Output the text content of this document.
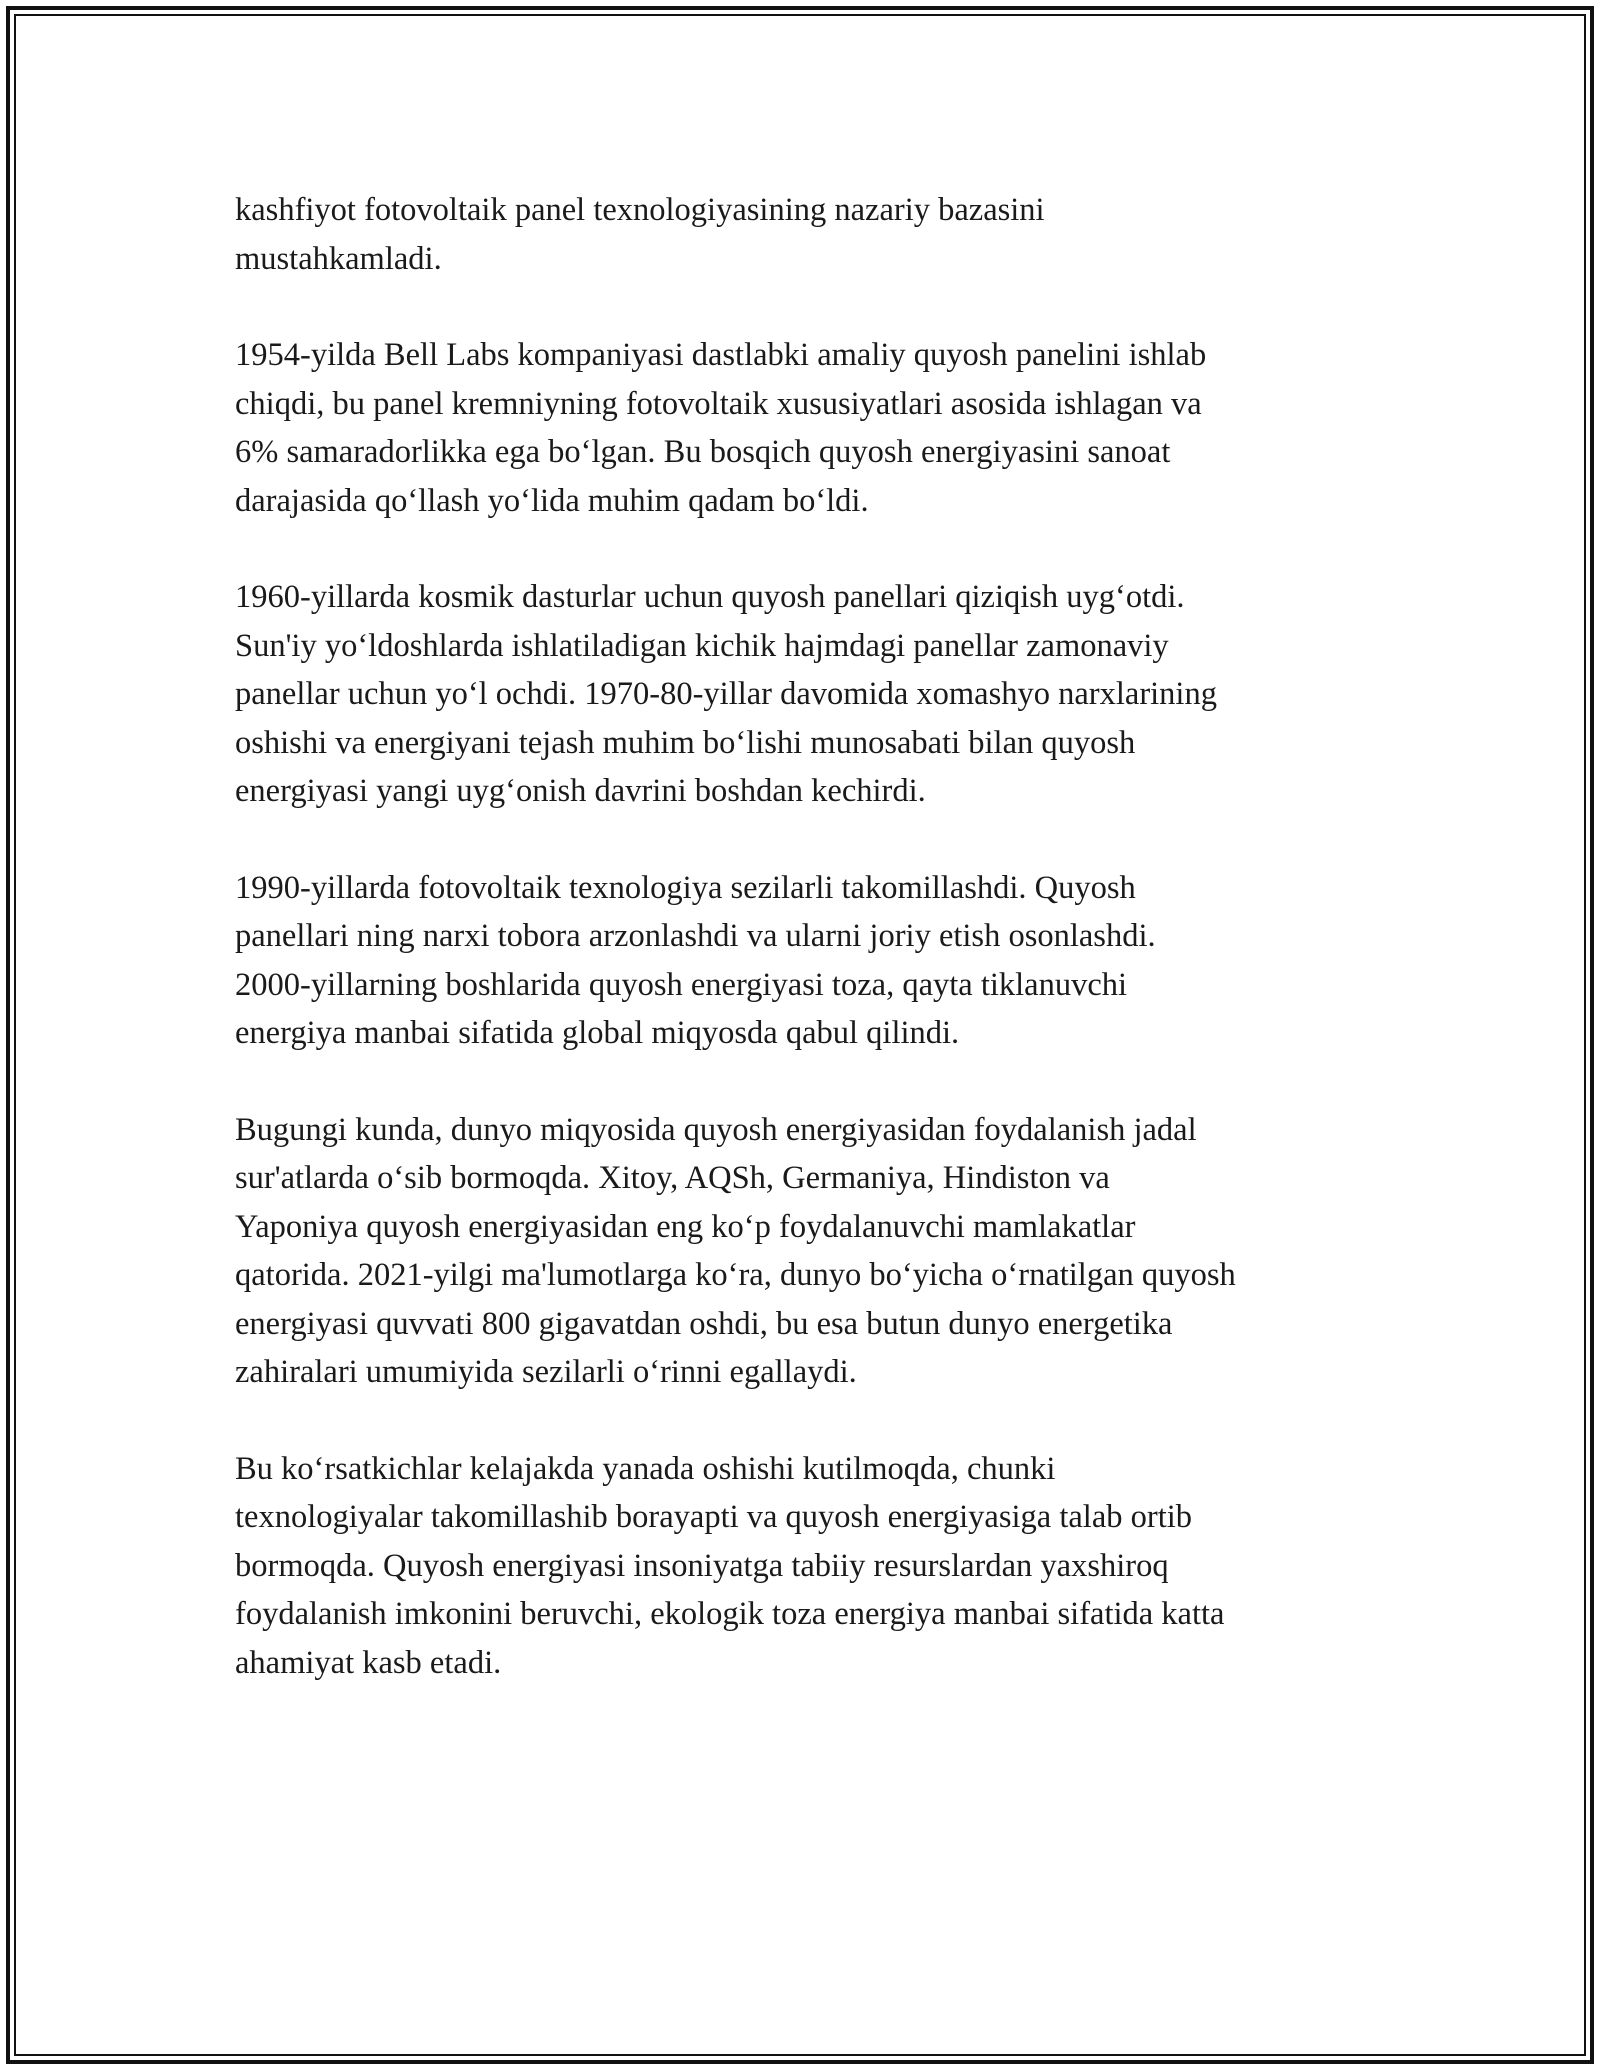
kashfiyot fotovoltaik panel texnologiyasining nazariy bazasini
mustahkamladi.

1954-yilda Bell Labs kompaniyasi dastlabki amaliy quyosh panelini ishlab
chiqdi, bu panel kremniyning fotovoltaik xususiyatlari asosida ishlagan va
6% samaradorlikka ega bo‘lgan. Bu bosqich quyosh energiyasini sanoat
darajasida qo‘llash yo‘lida muhim qadam bo‘ldi.

1960-yillarda kosmik dasturlar uchun quyosh panellari qiziqish uyg‘otdi.
Sun'iy yo‘ldoshlarda ishlatiladigan kichik hajmdagi panellar zamonaviy
panellar uchun yo‘l ochdi. 1970-80-yillar davomida xomashyo narxlarining
oshishi va energiyani tejash muhim bo‘lishi munosabati bilan quyosh
energiyasi yangi uyg‘onish davrini boshdan kechirdi.

1990-yillarda fotovoltaik texnologiya sezilarli takomillashdi. Quyosh
panellari ning narxi tobora arzonlashdi va ularni joriy etish osonlashdi.
2000-yillarning boshlarida quyosh energiyasi toza, qayta tiklanuvchi
energiya manbai sifatida global miqyosda qabul qilindi.

Bugungi kunda, dunyo miqyosida quyosh energiyasidan foydalanish jadal
sur'atlarda o‘sib bormoqda. Xitoy, AQSh, Germaniya, Hindiston va
Yaponiya quyosh energiyasidan eng ko‘p foydalanuvchi mamlakatlar
qatorida. 2021-yilgi ma'lumotlarga ko‘ra, dunyo bo‘yicha o‘rnatilgan quyosh
energiyasi quvvati 800 gigavatdan oshdi, bu esa butun dunyo energetika
zahiralari umumiyida sezilarli o‘rinni egallaydi.

Bu ko‘rsatkichlar kelajakda yanada oshishi kutilmoqda, chunki
texnologiyalar takomillashib borayapti va quyosh energiyasiga talab ortib
bormoqda. Quyosh energiyasi insoniyatga tabiiy resurslardan yaxshiroq
foydalanish imkonini beruvchi, ekologik toza energiya manbai sifatida katta
ahamiyat kasb etadi.
